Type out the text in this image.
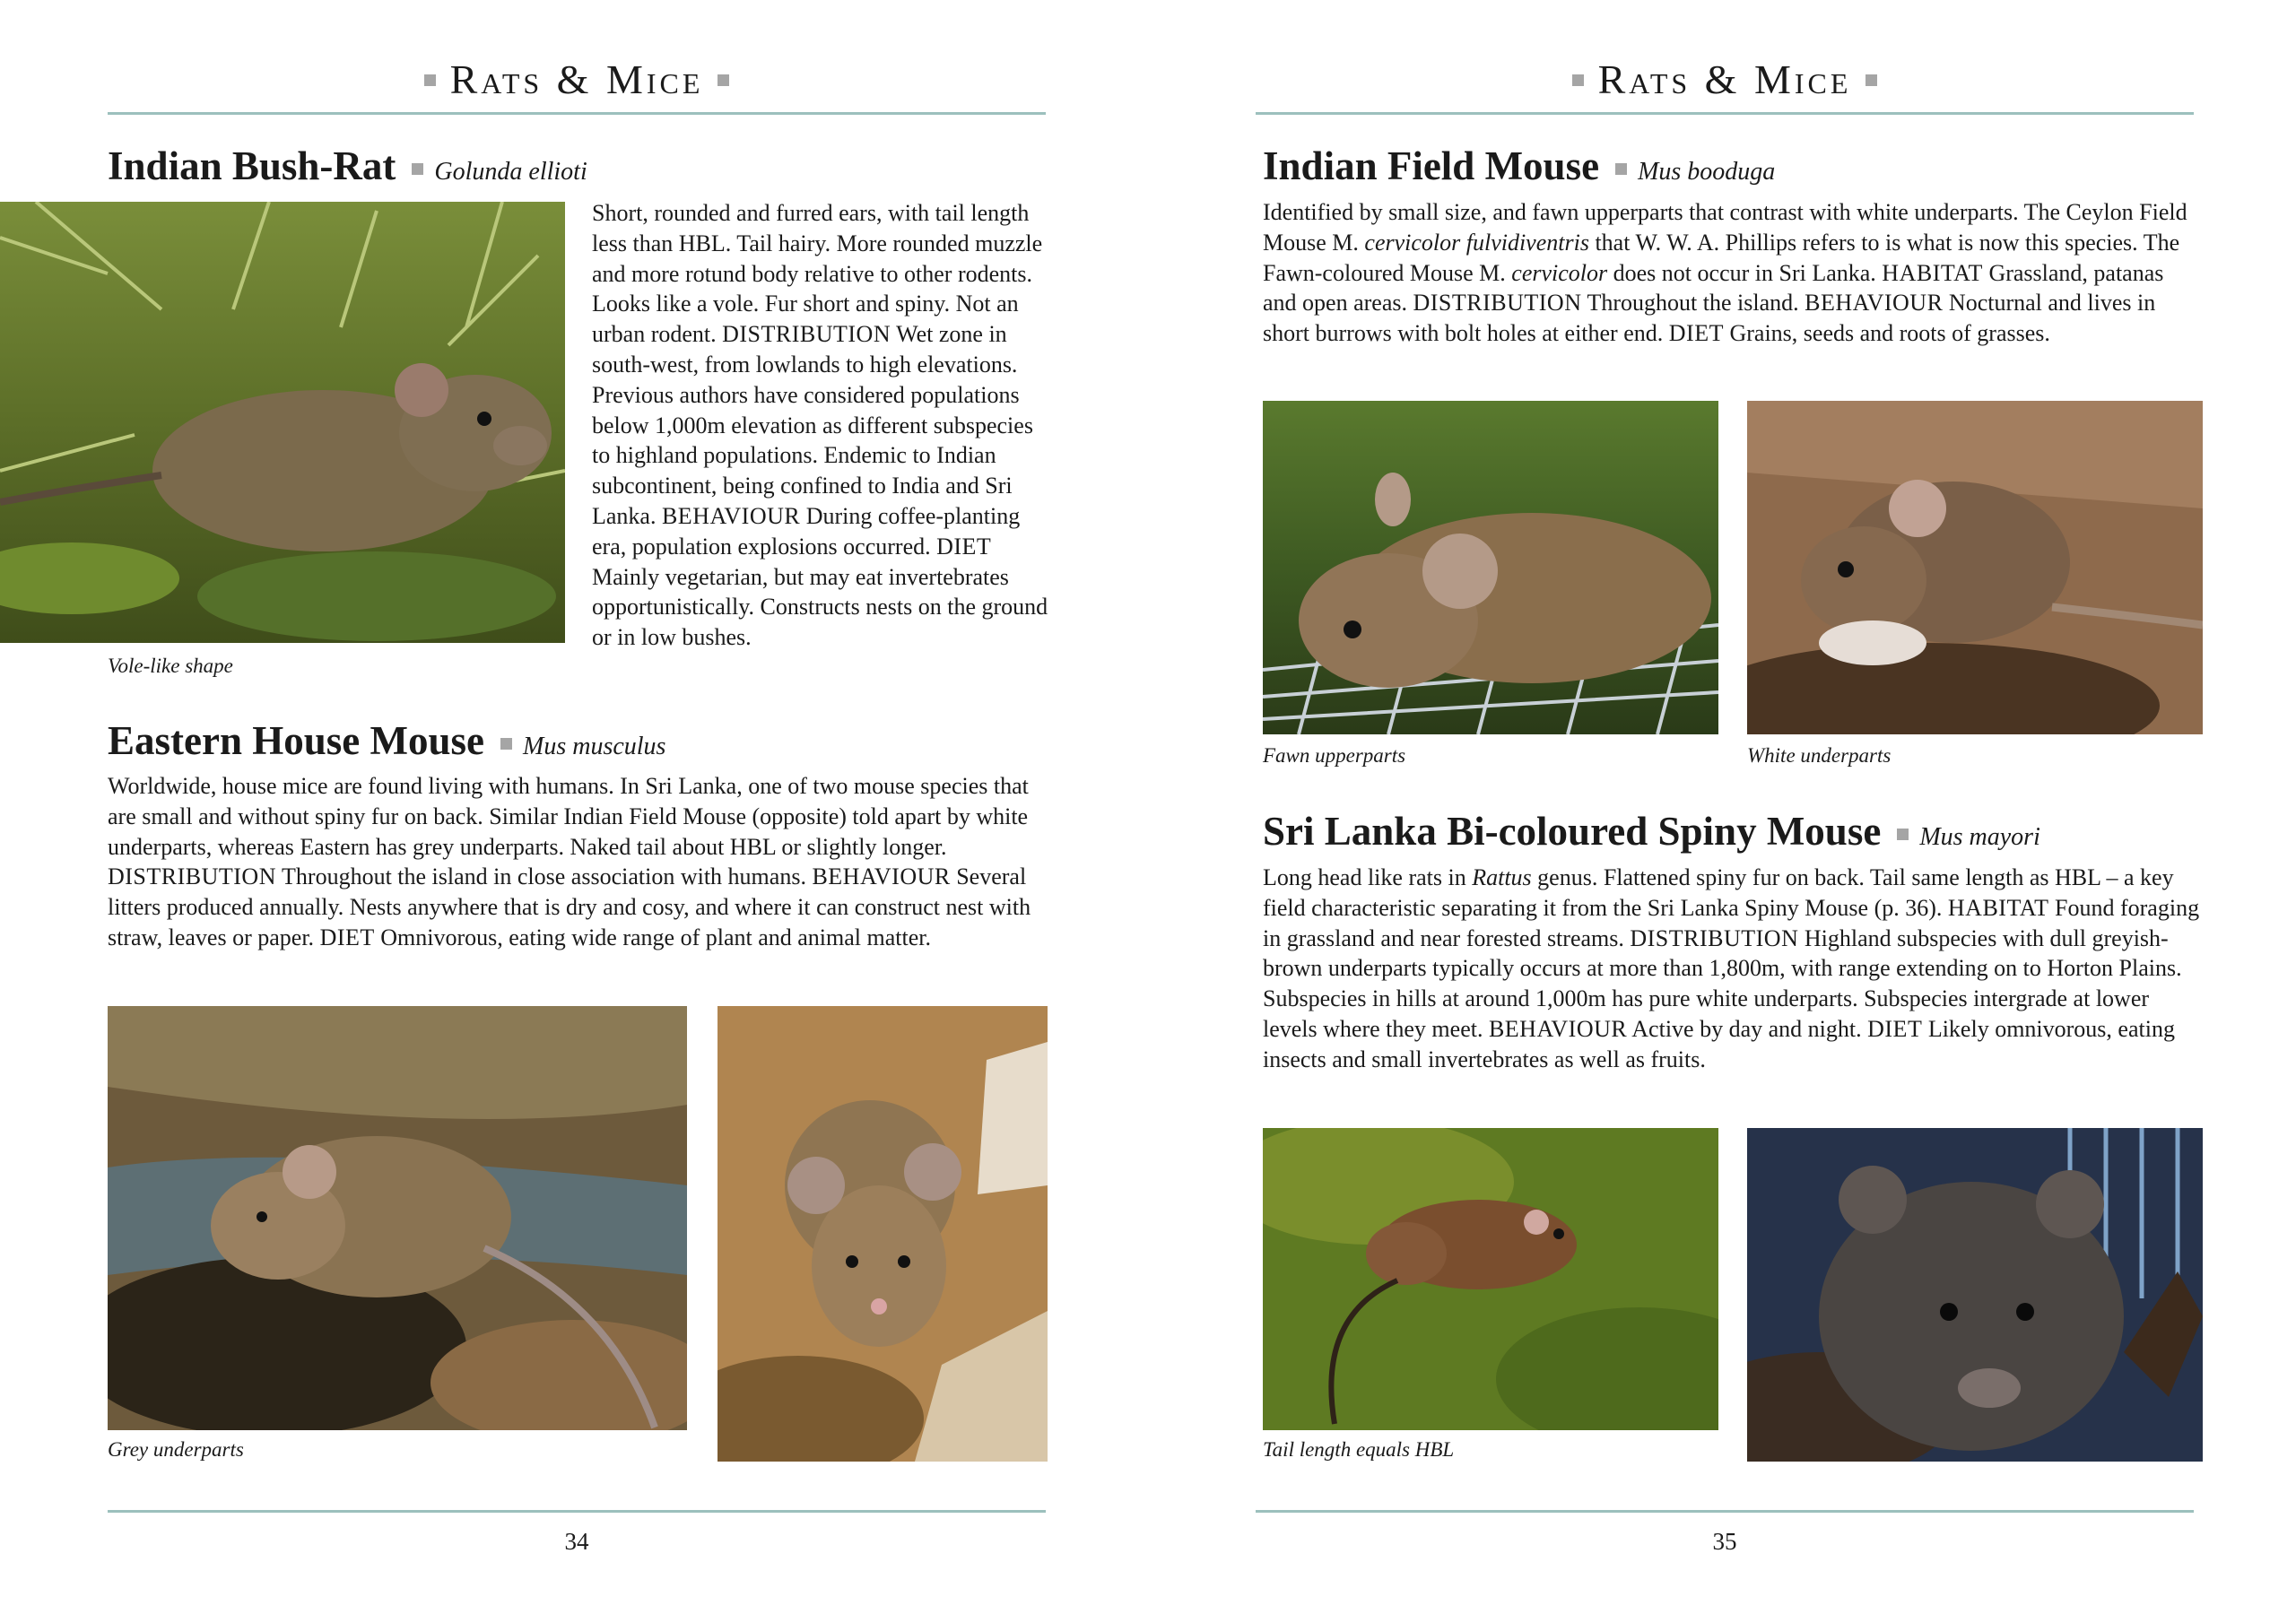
Rats & Mice
Indian Bush-Rat Golunda ellioti
Vole-like shape
Short, rounded and furred ears, with tail length less than HBL. Tail hairy. More rounded muzzle and more rotund body relative to other rodents. Looks like a vole. Fur short and spiny. Not an urban rodent. DISTRIBUTION Wet zone in south-west, from lowlands to high elevations. Previous authors have considered populations below 1,000m elevation as different subspecies to highland populations. Endemic to Indian subcontinent, being confined to India and Sri Lanka. BEHAVIOUR During coffee-planting era, population explosions occurred. DIET Mainly vegetarian, but may eat invertebrates opportunistically. Constructs nests on the ground or in low bushes.
Eastern House Mouse Mus musculus
Worldwide, house mice are found living with humans. In Sri Lanka, one of two mouse species that are small and without spiny fur on back. Similar Indian Field Mouse (opposite) told apart by white underparts, whereas Eastern has grey underparts. Naked tail about HBL or slightly longer. DISTRIBUTION Throughout the island in close association with humans. BEHAVIOUR Several litters produced annually. Nests anywhere that is dry and cosy, and where it can construct nest with straw, leaves or paper. DIET Omnivorous, eating wide range of plant and animal matter.
Grey underparts
34
Rats & Mice
Indian Field Mouse Mus booduga
Identified by small size, and fawn upperparts that contrast with white underparts. The Ceylon Field Mouse M. cervicolor fulvidiventris that W. W. A. Phillips refers to is what is now this species. The Fawn-coloured Mouse M. cervicolor does not occur in Sri Lanka. HABITAT Grassland, patanas and open areas. DISTRIBUTION Throughout the island. BEHAVIOUR Nocturnal and lives in short burrows with bolt holes at either end. DIET Grains, seeds and roots of grasses.
Fawn upperparts	White underparts
Sri Lanka Bi-coloured Spiny Mouse Mus mayori
Long head like rats in Rattus genus. Flattened spiny fur on back. Tail same length as HBL – a key field characteristic separating it from the Sri Lanka Spiny Mouse (p. 36). HABITAT Found foraging in grassland and near forested streams. DISTRIBUTION Highland subspecies with dull greyish-brown underparts typically occurs at more than 1,800m, with range extending on to Horton Plains. Subspecies in hills at around 1,000m has pure white underparts. Subspecies intergrade at lower levels where they meet. BEHAVIOUR Active by day and night. DIET Likely omnivorous, eating insects and small invertebrates as well as fruits.
Tail length equals HBL
35
